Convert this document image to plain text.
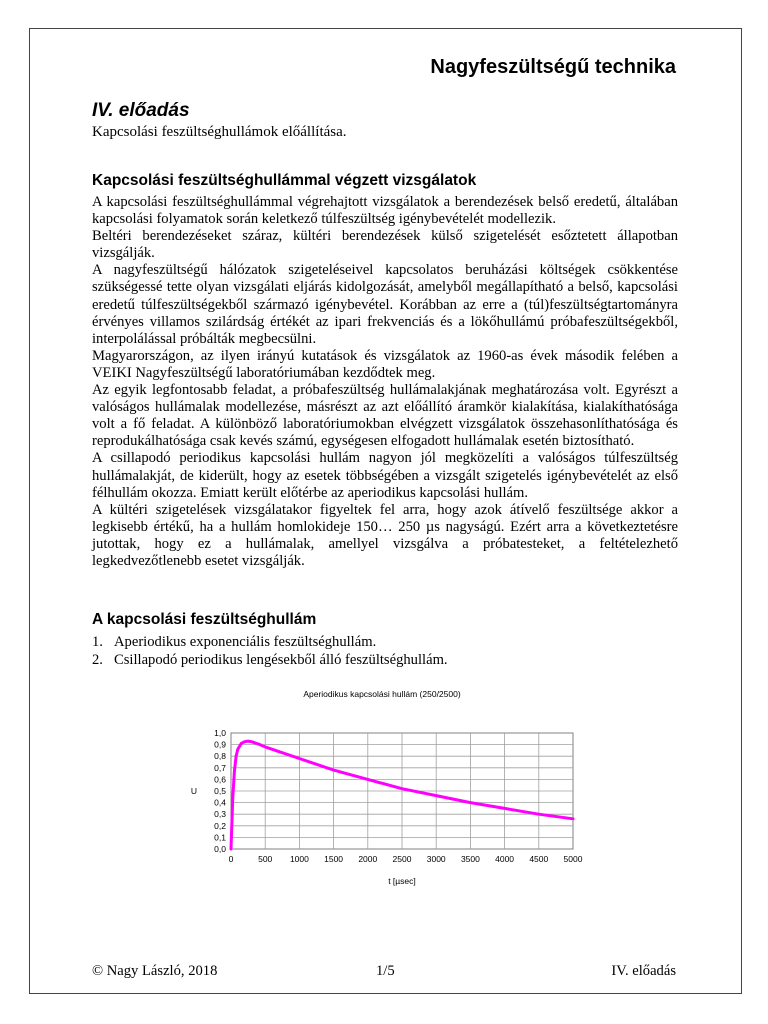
Nagyfeszültségű technika
IV. előadás

Kapcsolási feszültséghullámok előállítása.

Kapcsolási feszültséghullámmal végzett vizsgálatok

A kapcsolási feszültséghullámmal végrehajtott vizsgálatok a berendezések belső eredetű, általában kapcsolási folyamatok során keletkező túlfeszültség igénybevételét modellezik.

Beltéri berendezéseket száraz, kültéri berendezések külső szigetelését esőztetett állapotban vizsgálják.

A nagyfeszültségű hálózatok szigeteléseivel kapcsolatos beruházási költségek csökkentése szükségessé tette olyan vizsgálati eljárás kidolgozását, amelyből megállapítható a belső, kapcsolási eredetű túlfeszültségekből származó igénybevétel. Korábban az erre a (túl)feszültségtartományra érvényes villamos szilárdság értékét az ipari frekvenciás és a lökőhullámú próbafeszültségekből, interpolálással próbálták megbecsülni.

Magyarországon, az ilyen irányú kutatások és vizsgálatok az 1960-as évek második felében a VEIKI Nagyfeszültségű laboratóriumában kezdődtek meg.

Az egyik legfontosabb feladat, a próbafeszültség hullámalakjának meghatározása volt. Egyrészt a valóságos hullámalak modellezése, másrészt az azt előállító áramkör kialakítása, kialakíthatósága volt a fő feladat. A különböző laboratóriumokban elvégzett vizsgálatok összehasonlíthatósága és reprodukálhatósága csak kevés számú, egységesen elfogadott hullámalak esetén biztosítható.

A csillapodó periodikus kapcsolási hullám nagyon jól megközelíti a valóságos túlfeszültség hullámalakját, de kiderült, hogy az esetek többségében a vizsgált szigetelés igénybevételét az első félhullám okozza. Emiatt került előtérbe az aperiodikus kapcsolási hullám.

A kültéri szigetelések vizsgálatakor figyeltek fel arra, hogy azok átívelő feszültsége akkor a legkisebb értékű, ha a hullám homlokideje 150… 250 µs nagyságú. Ezért arra a következtetésre jutottak, hogy ez a hullámalak, amellyel vizsgálva a próbatesteket, a feltételezhető legkedvezőtlenebb esetet vizsgálják.

A kapcsolási feszültséghullám
1. Aperiodikus exponenciális feszültséghullám.
2. Csillapodó periodikus lengésekből álló feszültséghullám.
Aperiodikus kapcsolási hullám (250/2500)
0	500 1000 1500 2000 2500 3000 3500 4000 4500 5000
0,0
0,1
0,2
0,3
0,4
0,5
0,6
0,7
0,8
0,9
1,0
t [µsec]
U
© Nagy László, 2018	1/5	IV. előadás
